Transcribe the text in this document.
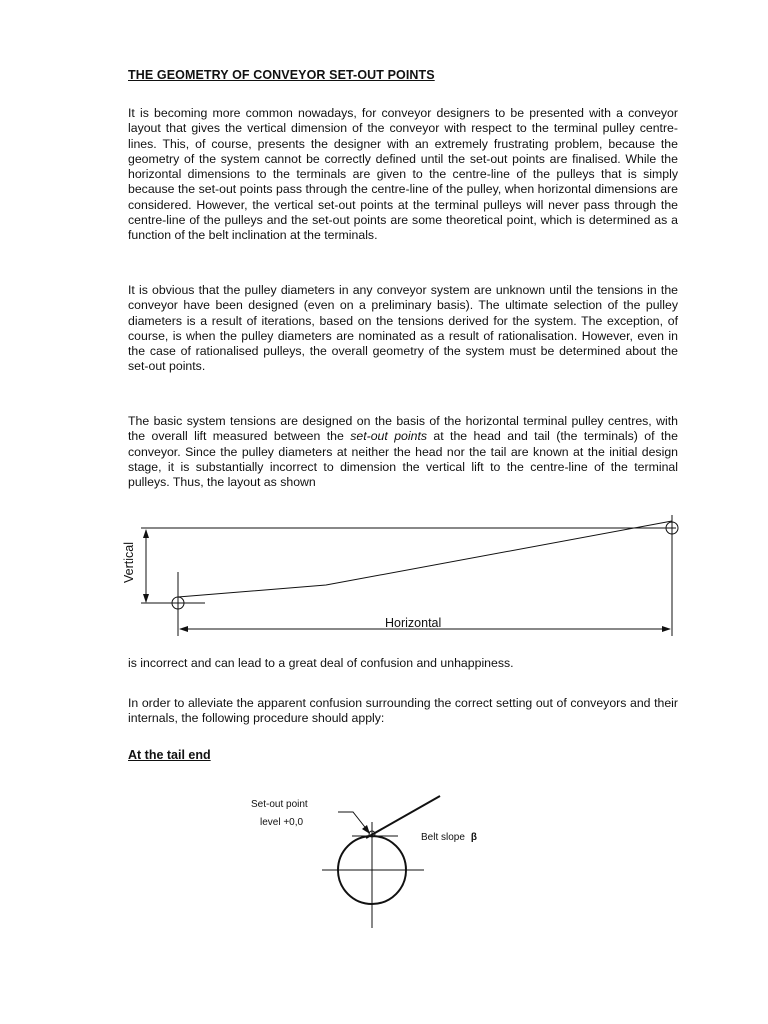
THE GEOMETRY OF CONVEYOR SET-OUT POINTS
It is becoming more common nowadays, for conveyor designers to be presented with a conveyor layout that gives the vertical dimension of the conveyor with respect to the terminal pulley centre-lines. This, of course, presents the designer with an extremely frustrating problem, because the geometry of the system cannot be correctly defined until the set-out points are finalised. While the horizontal dimensions to the terminals are given to the centre-line of the pulleys that is simply because the set-out points pass through the centre-line of the pulley, when horizontal dimensions are considered. However, the vertical set-out points at the terminal pulleys will never pass through the centre-line of the pulleys and the set-out points are some theoretical point, which is determined as a function of the belt inclination at the terminals.
It is obvious that the pulley diameters in any conveyor system are unknown until the tensions in the conveyor have been designed (even on a preliminary basis). The ultimate selection of the pulley diameters is a result of iterations, based on the tensions derived for the system. The exception, of course, is when the pulley diameters are nominated as a result of rationalisation. However, even in the case of rationalised pulleys, the overall geometry of the system must be determined about the set-out points.
The basic system tensions are designed on the basis of the horizontal terminal pulley centres, with the overall lift measured between the set-out points at the head and tail (the terminals) of the conveyor. Since the pulley diameters at neither the head nor the tail are known at the initial design stage, it is substantially incorrect to dimension the vertical lift to the centre-line of the terminal pulleys. Thus, the layout as shown
Vertical
Horizontal
is incorrect and can lead to a great deal of confusion and unhappiness.
In order to alleviate the apparent confusion surrounding the correct setting out of conveyors and their internals, the following procedure should apply:
At the tail end
Set-out point
level +0,0
Belt slope β
